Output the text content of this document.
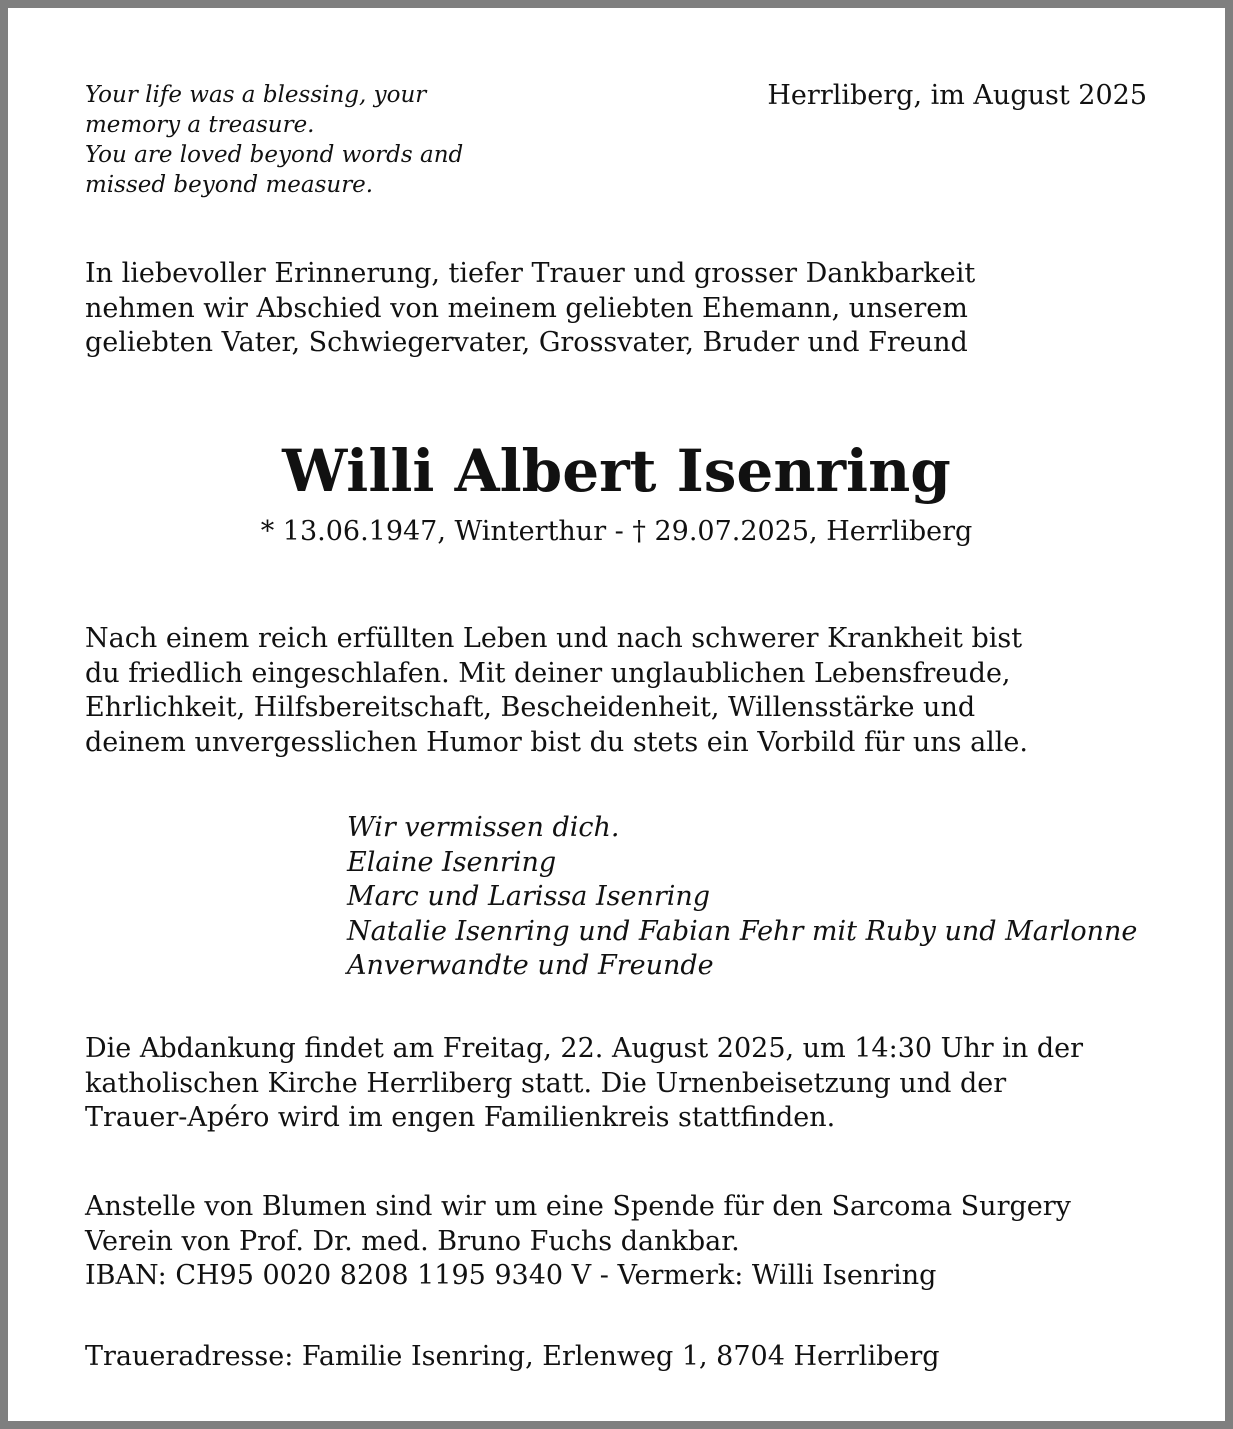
Your life was a blessing, your
memory a treasure.
You are loved beyond words and
missed beyond measure.
Herrliberg, im August 2025
In liebevoller Erinnerung, tiefer Trauer und grosser Dankbarkeit
nehmen wir Abschied von meinem geliebten Ehemann, unserem
geliebten Vater, Schwiegervater, Grossvater, Bruder und Freund
Willi Albert Isenring
* 13.06.1947, Winterthur - † 29.07.2025, Herrliberg
Nach einem reich erfüllten Leben und nach schwerer Krankheit bist
du friedlich eingeschlafen. Mit deiner unglaublichen Lebensfreude,
Ehrlichkeit, Hilfsbereitschaft, Bescheidenheit, Willensstärke und
deinem unvergesslichen Humor bist du stets ein Vorbild für uns alle.
Wir vermissen dich.
Elaine Isenring
Marc und Larissa Isenring
Natalie Isenring und Fabian Fehr mit Ruby und Marlonne
Anverwandte und Freunde
Die Abdankung findet am Freitag, 22. August 2025, um 14:30 Uhr in der
katholischen Kirche Herrliberg statt. Die Urnenbeisetzung und der
Trauer-Apéro wird im engen Familienkreis stattfinden.
Anstelle von Blumen sind wir um eine Spende für den Sarcoma Surgery
Verein von Prof. Dr. med. Bruno Fuchs dankbar.
IBAN: CH95 0020 8208 1195 9340 V - Vermerk: Willi Isenring
Traueradresse: Familie Isenring, Erlenweg 1, 8704 Herrliberg
